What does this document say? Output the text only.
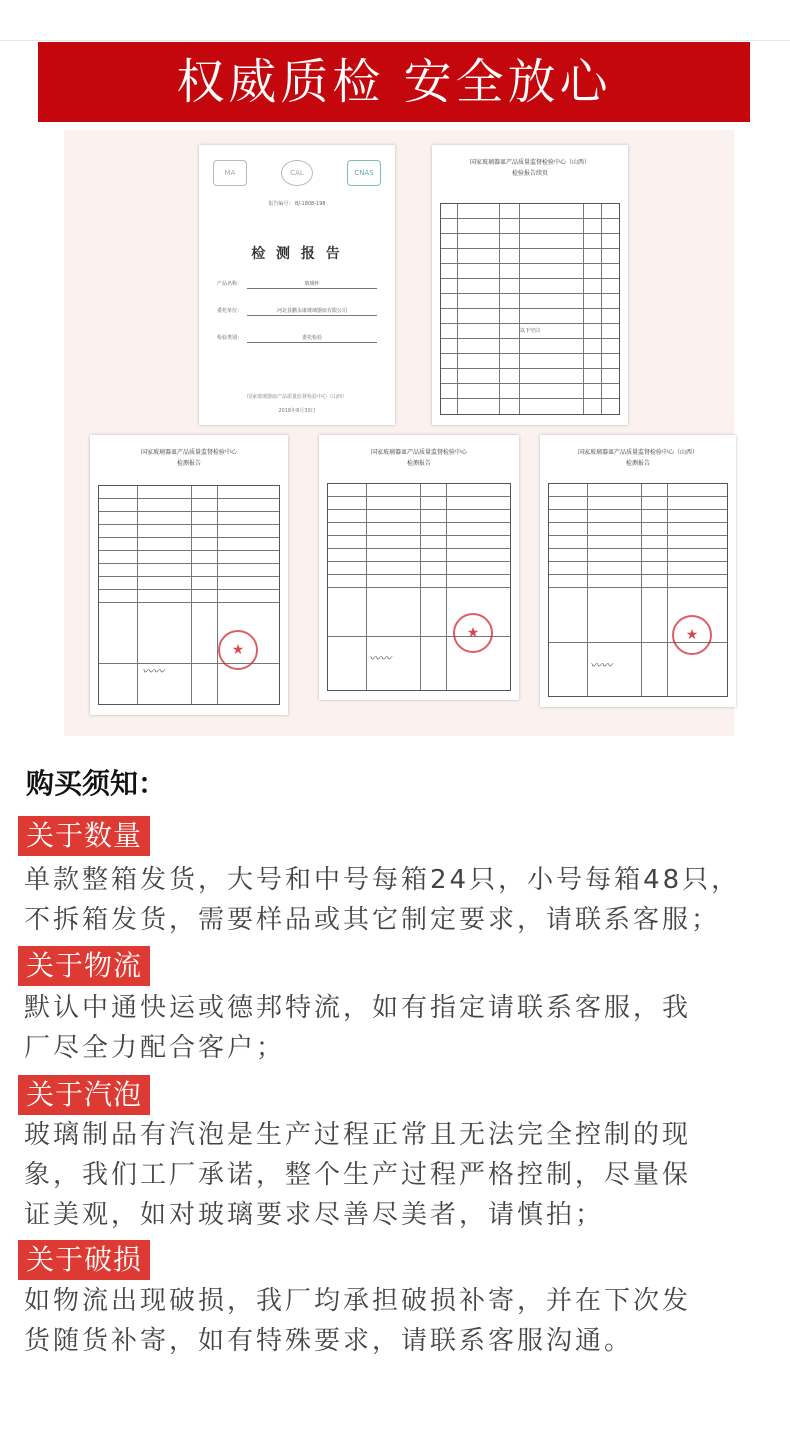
权威质检 安全放心
MA	CAL	CNAS
报告编号： BJ-1808-198
检 测 报 告
产品名称：	玻璃杯
委托单位：	河北县鹏永康玻璃器皿有限公司
检验类别：	委托检验
国家玻璃器皿产品质量监督检验中心（山西）
2018年8月30日
国家玻璃器皿产品质量监督检验中心（山西）
检验报告续页
以下空白
国家玻璃器皿产品质量监督检验中心
检测报告
★
〰〰
国家玻璃器皿产品质量监督检验中心
检测报告
★
〰〰
国家玻璃器皿产品质量监督检验中心（山西）
检测报告
★
〰〰
购买须知：
关于数量
单款整箱发货，大号和中号每箱24只，小号每箱48只，
不拆箱发货，需要样品或其它制定要求，请联系客服；
关于物流
默认中通快运或德邦特流，如有指定请联系客服，我
厂尽全力配合客户；
关于汽泡
玻璃制品有汽泡是生产过程正常且无法完全控制的现
象，我们工厂承诺，整个生产过程严格控制，尽量保
证美观，如对玻璃要求尽善尽美者，请慎拍；
关于破损
如物流出现破损，我厂均承担破损补寄，并在下次发
货随货补寄，如有特殊要求，请联系客服沟通。
